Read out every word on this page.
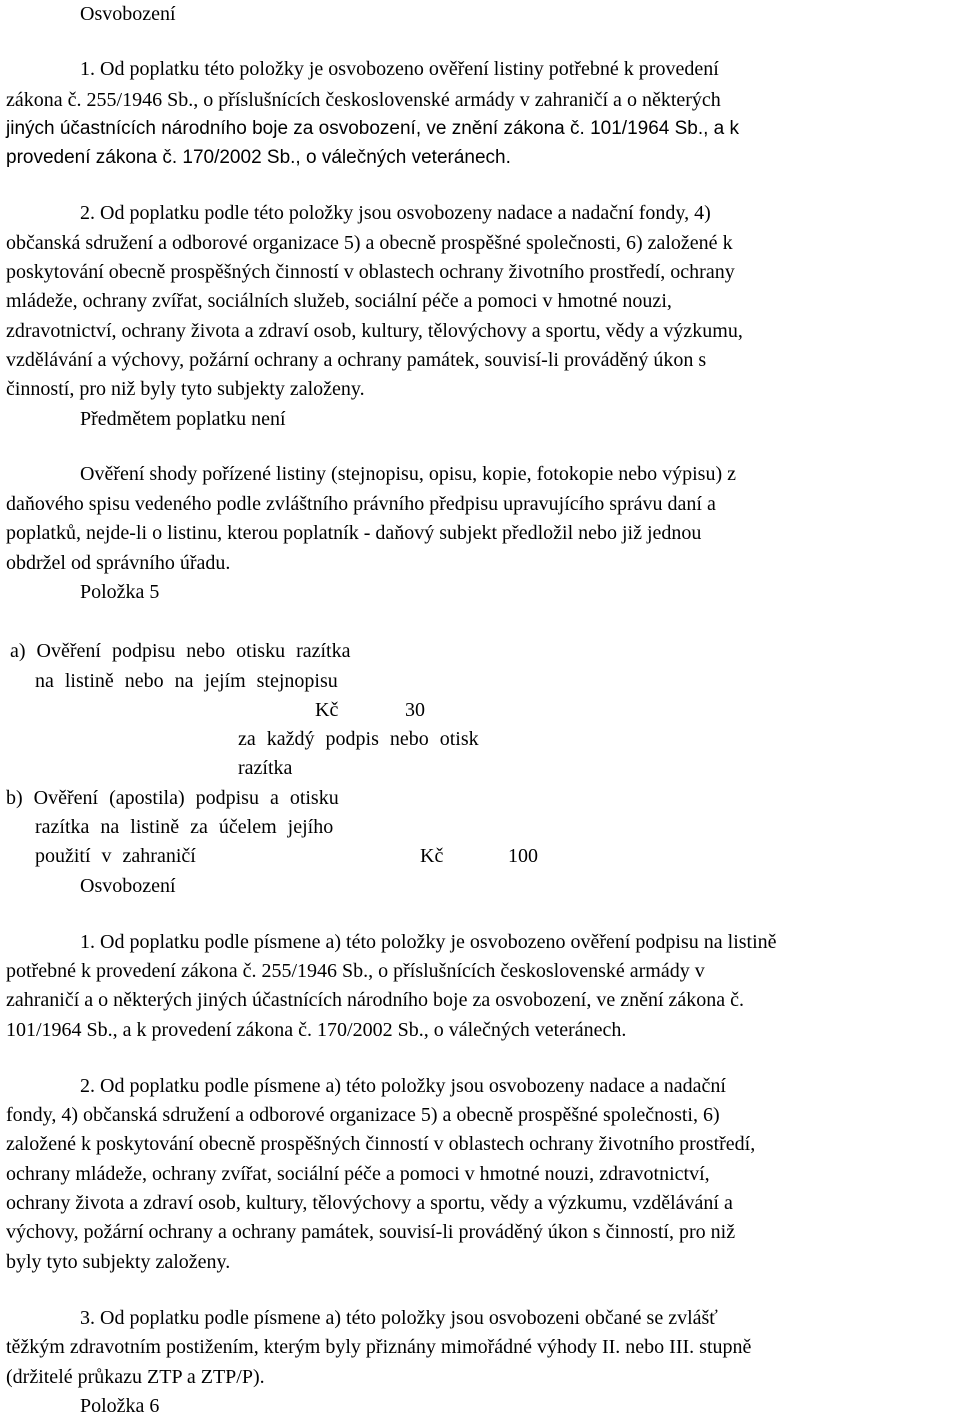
Osvobození
1. Od poplatku této položky je osvobozeno ověření listiny potřebné k provedení
zákona č. 255/1946 Sb., o příslušnících československé armády v zahraničí a o některých
jiných účastnících národního boje za osvobození, ve znění zákona č. 101/1964 Sb., a k
provedení zákona č. 170/2002 Sb., o válečných veteránech.
2. Od poplatku podle této položky jsou osvobozeny nadace a nadační fondy, 4)
občanská sdružení a odborové organizace 5) a obecně prospěšné společnosti, 6) založené k
poskytování obecně prospěšných činností v oblastech ochrany životního prostředí, ochrany
mládeže, ochrany zvířat, sociálních služeb, sociální péče a pomoci v hmotné nouzi,
zdravotnictví, ochrany života a zdraví osob, kultury, tělovýchovy a sportu, vědy a výzkumu,
vzdělávání a výchovy, požární ochrany a ochrany památek, souvisí-li prováděný úkon s
činností, pro niž byly tyto subjekty založeny.
Předmětem poplatku není
Ověření shody pořízené listiny (stejnopisu, opisu, kopie, fotokopie nebo výpisu) z
daňového spisu vedeného podle zvláštního právního předpisu upravujícího správu daní a
poplatků, nejde-li o listinu, kterou poplatník - daňový subjekt předložil nebo již jednou
obdržel od správního úřadu.
Položka 5
a) Ověření podpisu nebo otisku razítka
na listině nebo na jejím stejnopisu
Kč	30
za každý podpis nebo otisk
razítka
b) Ověření (apostila) podpisu a otisku
razítka na listině za účelem jejího
použití v zahraničí	Kč	100
Osvobození
1. Od poplatku podle písmene a) této položky je osvobozeno ověření podpisu na listině
potřebné k provedení zákona č. 255/1946 Sb., o příslušnících československé armády v
zahraničí a o některých jiných účastnících národního boje za osvobození, ve znění zákona č.
101/1964 Sb., a k provedení zákona č. 170/2002 Sb., o válečných veteránech.
2. Od poplatku podle písmene a) této položky jsou osvobozeny nadace a nadační
fondy, 4) občanská sdružení a odborové organizace 5) a obecně prospěšné společnosti, 6)
založené k poskytování obecně prospěšných činností v oblastech ochrany životního prostředí,
ochrany mládeže, ochrany zvířat, sociální péče a pomoci v hmotné nouzi, zdravotnictví,
ochrany života a zdraví osob, kultury, tělovýchovy a sportu, vědy a výzkumu, vzdělávání a
výchovy, požární ochrany a ochrany památek, souvisí-li prováděný úkon s činností, pro niž
byly tyto subjekty založeny.
3. Od poplatku podle písmene a) této položky jsou osvobozeni občané se zvlášť
těžkým zdravotním postižením, kterým byly přiznány mimořádné výhody II. nebo III. stupně
(držitelé průkazu ZTP a ZTP/P).
Položka 6
